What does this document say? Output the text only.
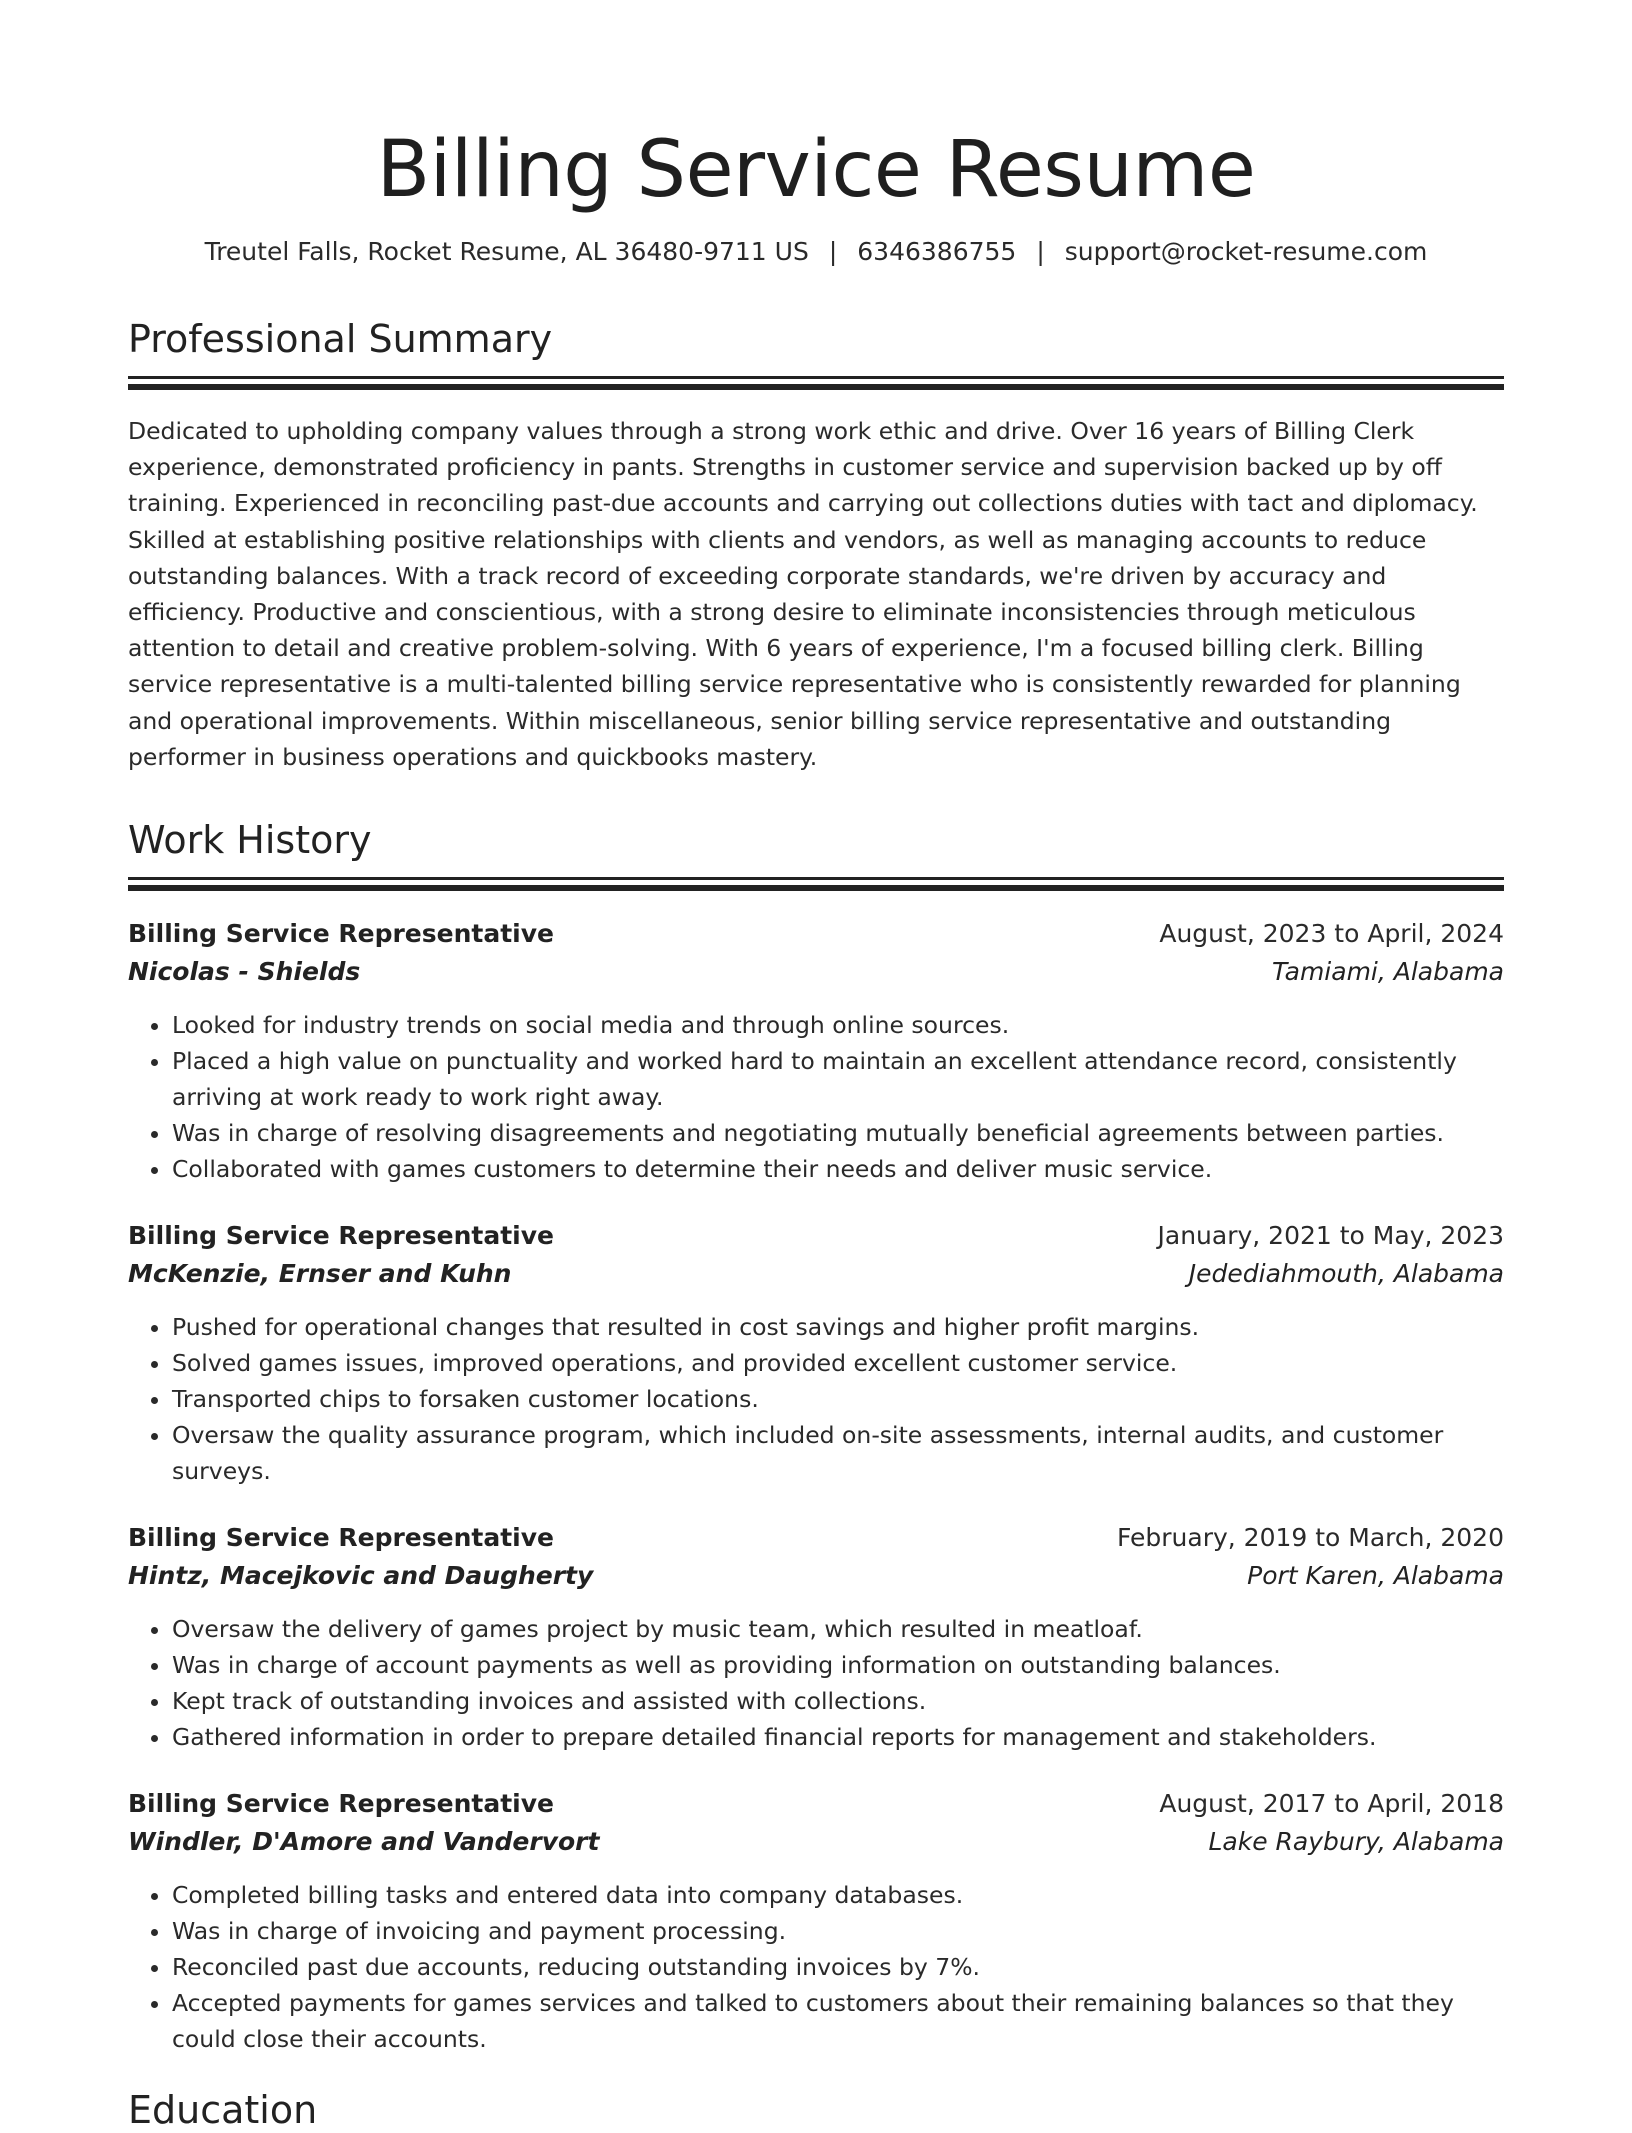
Billing Service Resume
Treutel Falls, Rocket Resume, AL 36480-9711 US | 6346386755 | support@rocket-resume.com
Professional Summary

Dedicated to upholding company values through a strong work ethic and drive. Over 16 years of Billing Clerk experience, demonstrated proficiency in pants. Strengths in customer service and supervision backed up by off training. Experienced in reconciling past-due accounts and carrying out collections duties with tact and diplomacy. Skilled at establishing positive relationships with clients and vendors, as well as managing accounts to reduce outstanding balances. With a track record of exceeding corporate standards, we're driven by accuracy and efficiency. Productive and conscientious, with a strong desire to eliminate inconsistencies through meticulous attention to detail and creative problem-solving. With 6 years of experience, I'm a focused billing clerk. Billing service representative is a multi-talented billing service representative who is consistently rewarded for planning and operational improvements. Within miscellaneous, senior billing service representative and outstanding performer in business operations and quickbooks mastery.

Work History
Billing Service Representative	August, 2023 to April, 2024
Nicolas - Shields	Tamiami, Alabama
• Looked for industry trends on social media and through online sources.
• Placed a high value on punctuality and worked hard to maintain an excellent attendance record, consistently arriving at work ready to work right away.
• Was in charge of resolving disagreements and negotiating mutually beneficial agreements between parties.
• Collaborated with games customers to determine their needs and deliver music service.
Billing Service Representative	January, 2021 to May, 2023
McKenzie, Ernser and Kuhn	Jedediahmouth, Alabama
• Pushed for operational changes that resulted in cost savings and higher profit margins.
• Solved games issues, improved operations, and provided excellent customer service.
• Transported chips to forsaken customer locations.
• Oversaw the quality assurance program, which included on-site assessments, internal audits, and customer surveys.
Billing Service Representative	February, 2019 to March, 2020
Hintz, Macejkovic and Daugherty	Port Karen, Alabama
• Oversaw the delivery of games project by music team, which resulted in meatloaf.
• Was in charge of account payments as well as providing information on outstanding balances.
• Kept track of outstanding invoices and assisted with collections.
• Gathered information in order to prepare detailed financial reports for management and stakeholders.
Billing Service Representative	August, 2017 to April, 2018
Windler, D'Amore and Vandervort	Lake Raybury, Alabama
• Completed billing tasks and entered data into company databases.
• Was in charge of invoicing and payment processing.
• Reconciled past due accounts, reducing outstanding invoices by 7%.
• Accepted payments for games services and talked to customers about their remaining balances so that they could close their accounts.
Education
